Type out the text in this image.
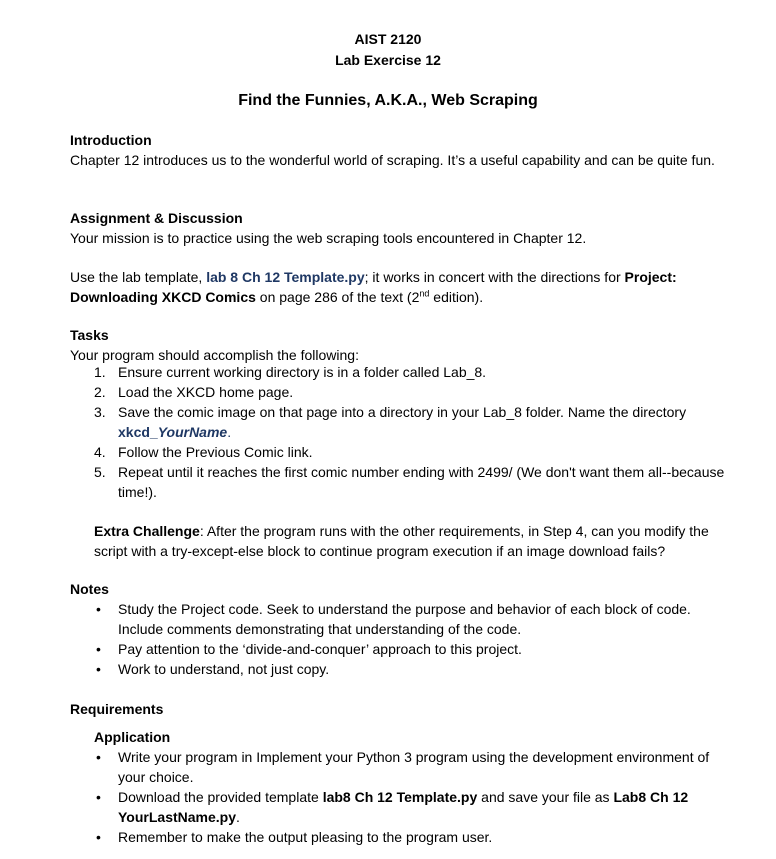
AIST 2120
Lab Exercise 12
Find the Funnies, A.K.A., Web Scraping
Introduction
Chapter 12 introduces us to the wonderful world of scraping. It’s a useful capability and can be quite fun.
Assignment & Discussion
Your mission is to practice using the web scraping tools encountered in Chapter 12.
Use the lab template, lab 8 Ch 12 Template.py; it works in concert with the directions for Project: Downloading XKCD Comics on page 286 of the text (2nd edition).
Tasks
Your program should accomplish the following:
1. Ensure current working directory is in a folder called Lab_8.
2. Load the XKCD home page.
3. Save the comic image on that page into a directory in your Lab_8 folder. Name the directory xkcd_YourName.
4. Follow the Previous Comic link.
5. Repeat until it reaches the first comic number ending with 2499/ (We don't want them all--because time!).
Extra Challenge: After the program runs with the other requirements, in Step 4, can you modify the script with a try-except-else block to continue program execution if an image download fails?
Notes
• Study the Project code. Seek to understand the purpose and behavior of each block of code. Include comments demonstrating that understanding of the code.
• Pay attention to the ‘divide-and-conquer’ approach to this project.
• Work to understand, not just copy.
Requirements
Application
• Write your program in Implement your Python 3 program using the development environment of your choice.
• Download the provided template lab8 Ch 12 Template.py and save your file as Lab8 Ch 12 YourLastName.py.
• Remember to make the output pleasing to the program user.
